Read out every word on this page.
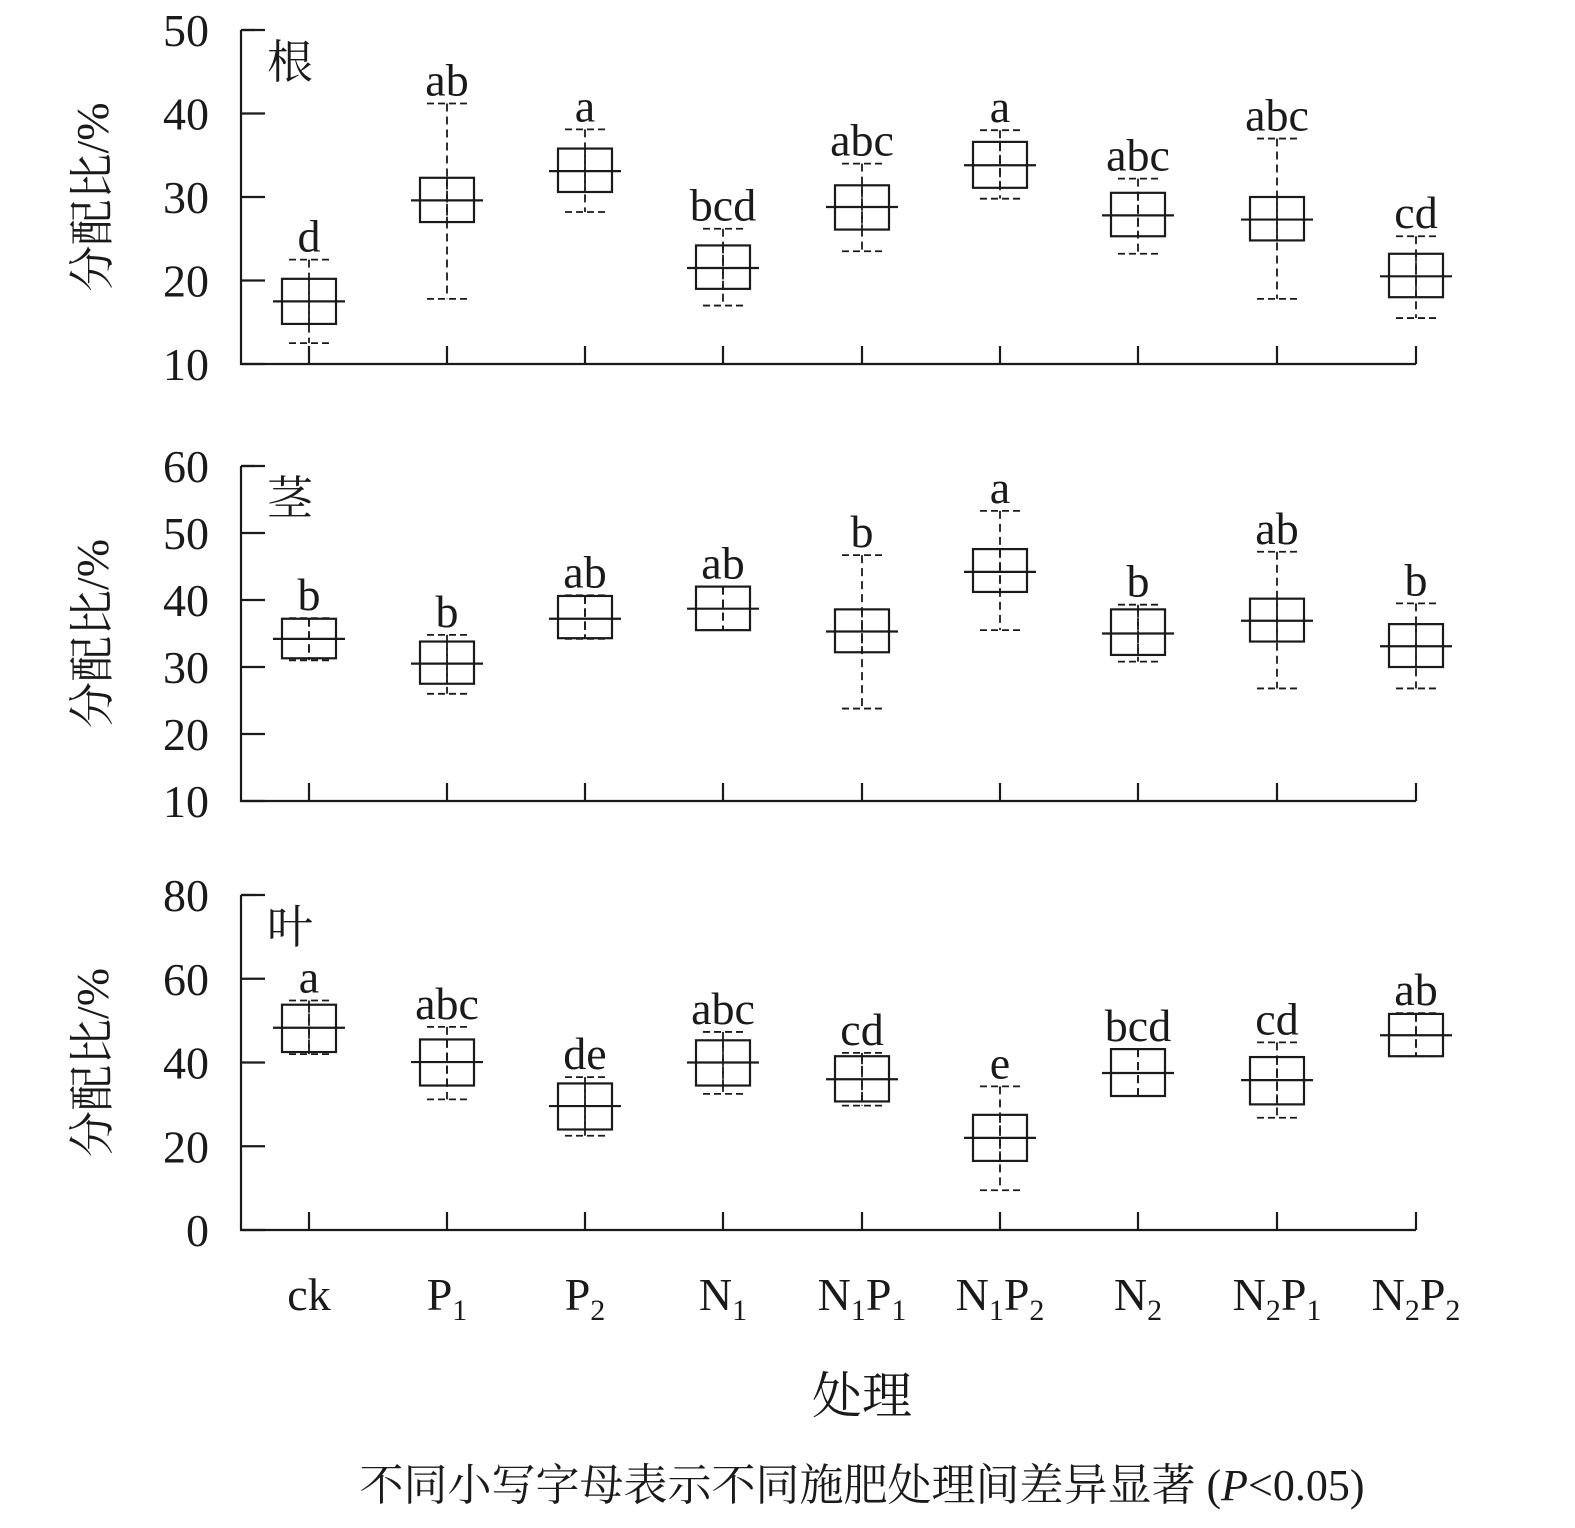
10
20
30
40
50
根
分配比/%	d
ab
a
bcd
abc
a
abc
abc
cd
10
20
30
40
50
60
茎
分配比/%	b	b
ab ab
b
a
b
ab
b
0
20
40
60
80
叶
分配比/%	a
abc
de
abc cd
e
bcd cd
ab
ck $P_1$ $P_2$ $N_1$ $N_1P_1$ $N_1P_2$ $N_2$ $N_2P_1$ $N_2P_2$
处理
不同小写字母表示不同施肥处理间差异显著 (P<0.05)
